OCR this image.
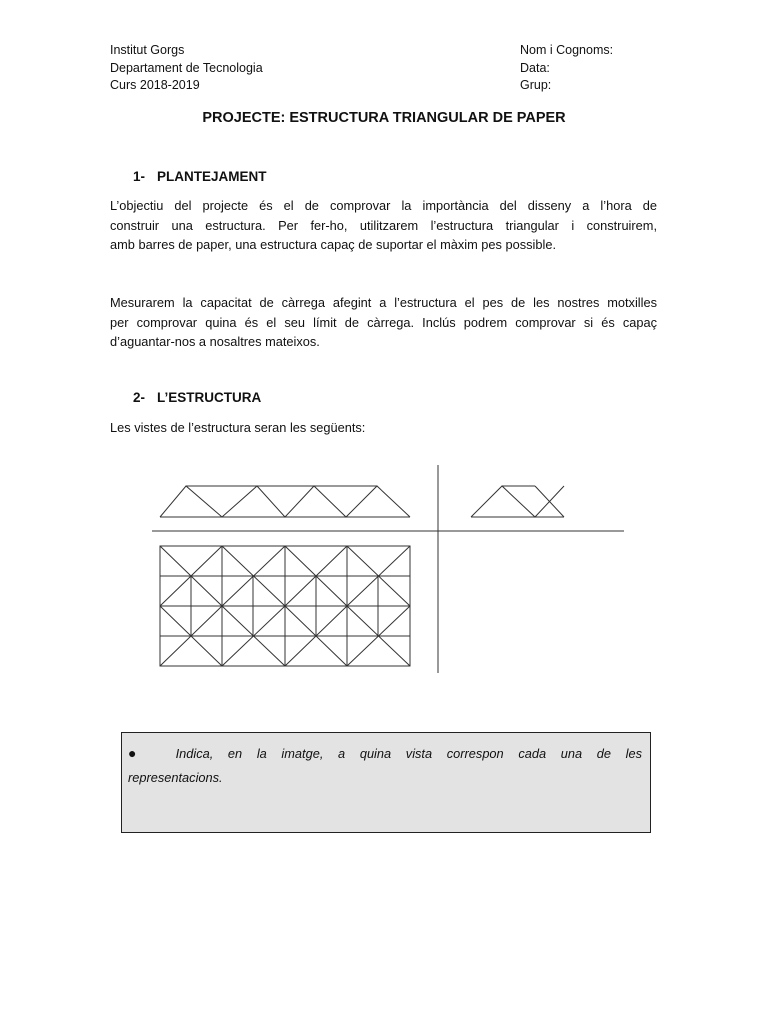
Institut Gorgs
Departament de Tecnologia
Curs 2018-2019
Nom i Cognoms:
Data:
Grup:
PROJECTE: ESTRUCTURA TRIANGULAR DE PAPER
1- PLANTEJAMENT
L’objectiu del projecte és el de comprovar la importància del disseny a l’hora de
construir una estructura. Per fer-ho, utilitzarem l’estructura triangular i construirem,
amb barres de paper, una estructura capaç de suportar el màxim pes possible.
Mesurarem la capacitat de càrrega afegint a l’estructura el pes de les nostres motxilles
per comprovar quina és el seu límit de càrrega. Inclús podrem comprovar si és capaç
d’aguantar-nos a nosaltres mateixos.
2- L’ESTRUCTURA
Les vistes de l’estructura seran les següents:
● Indica, en la imatge, a quina vista correspon cada una de les
representacions.
